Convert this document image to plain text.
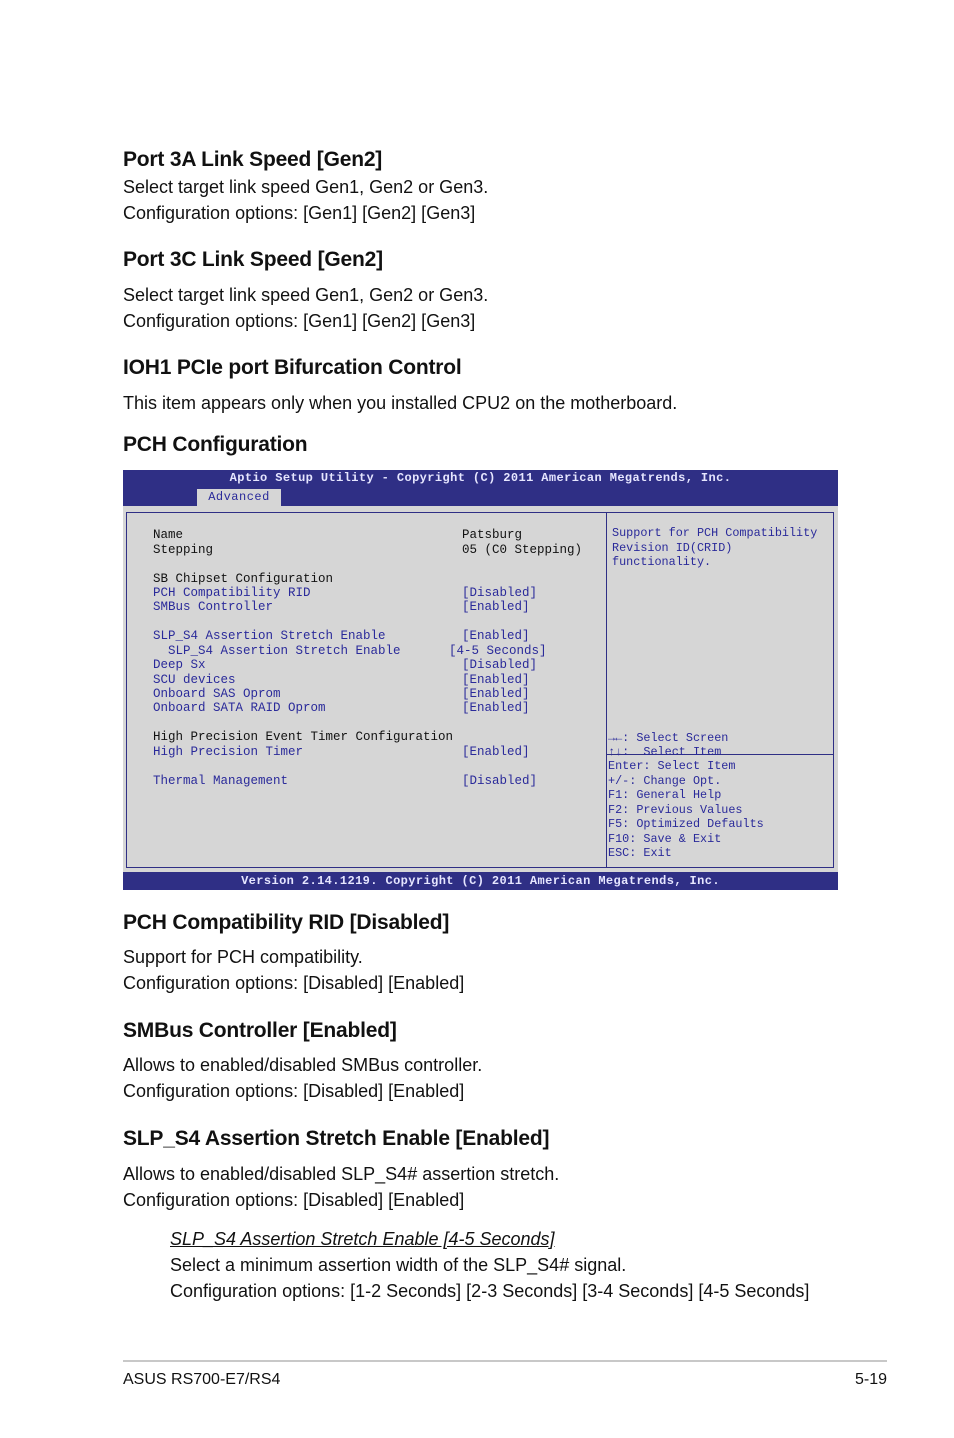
Port 3A Link Speed [Gen2]
Select target link speed Gen1, Gen2 or Gen3.
Configuration options: [Gen1] [Gen2] [Gen3]
Port 3C Link Speed [Gen2]
Select target link speed Gen1, Gen2 or Gen3.
Configuration options: [Gen1] [Gen2] [Gen3]
IOH1 PCIe port Bifurcation Control
This item appears only when you installed CPU2 on the motherboard.
PCH Configuration
Aptio Setup Utility - Copyright (C) 2011 American Megatrends, Inc.
Advanced
Name	Patsburg
Stepping	05 (C0 Stepping)
SB Chipset Configuration
PCH Compatibility RID	[Disabled]
SMBus Controller	[Enabled]
SLP_S4 Assertion Stretch Enable	[Enabled]
SLP_S4 Assertion Stretch Enable	[4-5 Seconds]
Deep Sx	[Disabled]
SCU devices	[Enabled]
Onboard SAS Oprom	[Enabled]
Onboard SATA RAID Oprom	[Enabled]
High Precision Event Timer Configuration
High Precision Timer	[Enabled]
Thermal Management	[Disabled]
Support for PCH Compatibility
Revision ID(CRID)
functionality.
→←: Select Screen
↑↓:  Select Item
Enter: Select Item
+/-: Change Opt.
F1: General Help
F2: Previous Values
F5: Optimized Defaults
F10: Save & Exit
ESC: Exit
Version 2.14.1219. Copyright (C) 2011 American Megatrends, Inc.
PCH Compatibility RID [Disabled]
Support for PCH compatibility.
Configuration options: [Disabled] [Enabled]
SMBus Controller [Enabled]
Allows to enabled/disabled SMBus controller.
Configuration options: [Disabled] [Enabled]
SLP_S4 Assertion Stretch Enable [Enabled]
Allows to enabled/disabled SLP_S4# assertion stretch.
Configuration options: [Disabled] [Enabled]
SLP_S4 Assertion Stretch Enable [4-5 Seconds]
Select a minimum assertion width of the SLP_S4# signal.
Configuration options: [1-2 Seconds] [2-3 Seconds] [3-4 Seconds] [4-5 Seconds]
ASUS RS700-E7/RS4	5-19
